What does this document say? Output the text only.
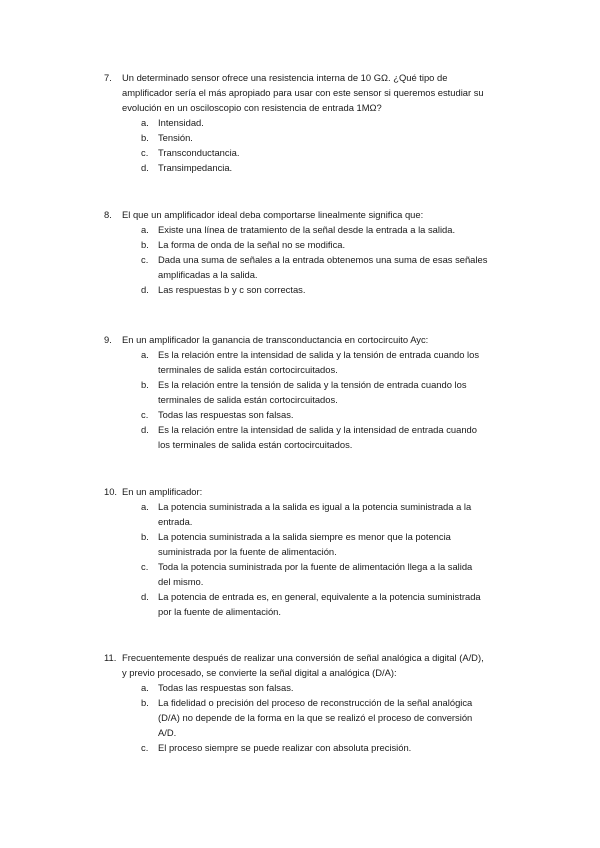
7. Un determinado sensor ofrece una resistencia interna de 10 GΩ. ¿Qué tipo de
amplificador sería el más apropiado para usar con este sensor si queremos estudiar su
evolución en un osciloscopio con resistencia de entrada 1MΩ?
a. Intensidad.
b. Tensión.
c. Transconductancia.
d. Transimpedancia.
8. El que un amplificador ideal deba comportarse linealmente significa que:
a. Existe una línea de tratamiento de la señal desde la entrada a la salida.
b. La forma de onda de la señal no se modifica.
c. Dada una suma de señales a la entrada obtenemos una suma de esas señales
amplificadas a la salida.
d. Las respuestas b y c son correctas.
9. En un amplificador la ganancia de transconductancia en cortocircuito Ayc:
a. Es la relación entre la intensidad de salida y la tensión de entrada cuando los
terminales de salida están cortocircuitados.
b. Es la relación entre la tensión de salida y la tensión de entrada cuando los
terminales de salida están cortocircuitados.
c. Todas las respuestas son falsas.
d. Es la relación entre la intensidad de salida y la intensidad de entrada cuando
los terminales de salida están cortocircuitados.
10. En un amplificador:
a. La potencia suministrada a la salida es igual a la potencia suministrada a la
entrada.
b. La potencia suministrada a la salida siempre es menor que la potencia
suministrada por la fuente de alimentación.
c. Toda la potencia suministrada por la fuente de alimentación llega a la salida
del mismo.
d. La potencia de entrada es, en general, equivalente a la potencia suministrada
por la fuente de alimentación.
11. Frecuentemente después de realizar una conversión de señal analógica a digital (A/D),
y previo procesado, se convierte la señal digital a analógica (D/A):
a. Todas las respuestas son falsas.
b. La fidelidad o precisión del proceso de reconstrucción de la señal analógica
(D/A) no depende de la forma en la que se realizó el proceso de conversión
A/D.
c. El proceso siempre se puede realizar con absoluta precisión.
